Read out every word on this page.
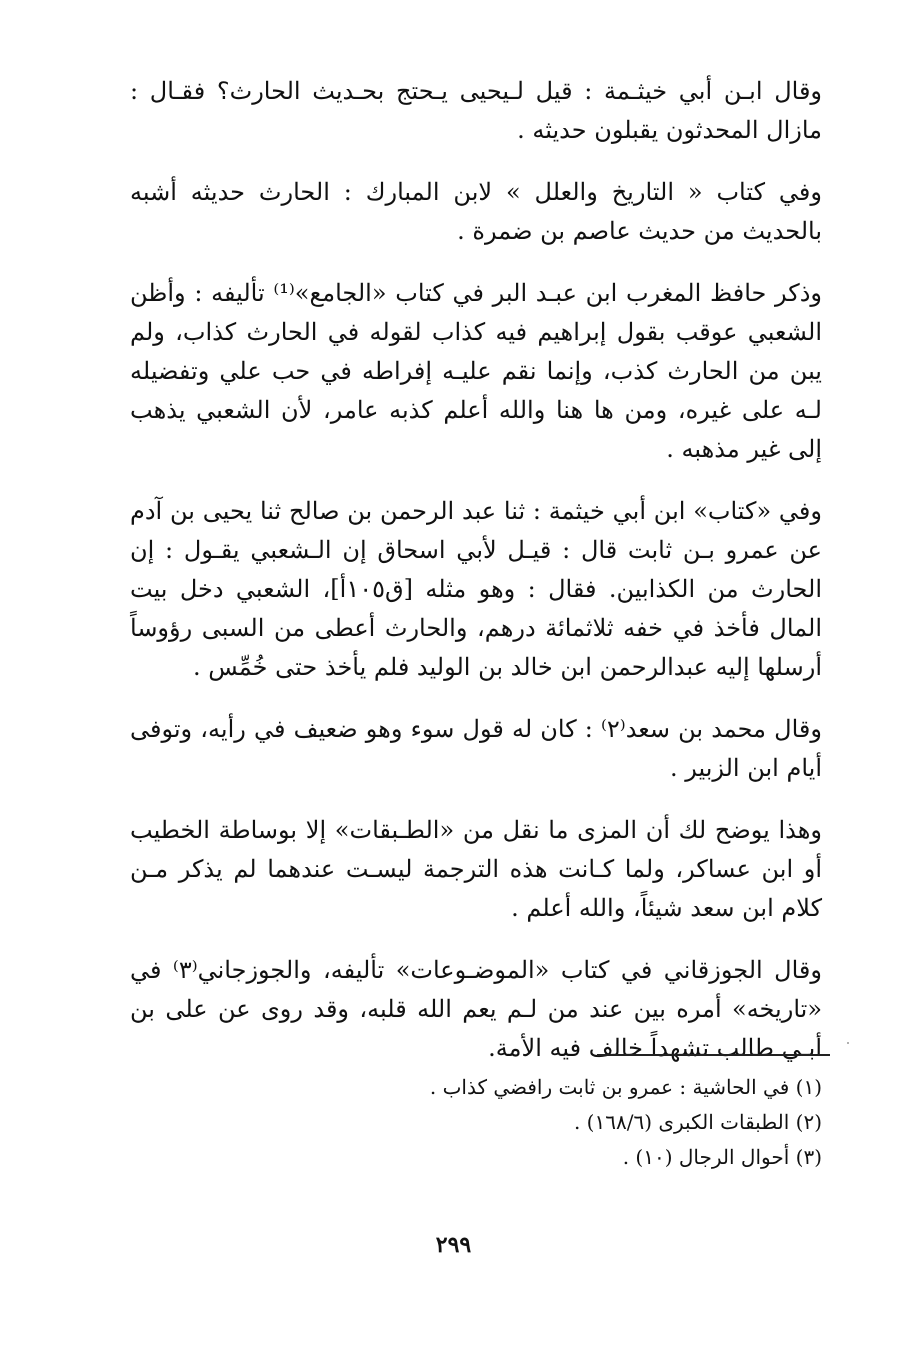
وقال ابـن أبي خيثـمة : قيل لـيحيى يـحتج بحـديث الحارث؟ فقـال : مازال المحدثون يقبلون حديثه .

وفي كتاب « التاريخ والعلل » لابن المبارك : الحارث حديثه أشبه بالحديث من حديث عاصم بن ضمرة .

وذكر حافظ المغرب ابن عبـد البر في كتاب «الجامع»⁽¹⁾ تأليفه : وأظن الشعبي عوقب بقول إبراهيم فيه كذاب لقوله في الحارث كذاب، ولم يبن من الحارث كذب، وإنما نقم عليـه إفراطه في حب علي وتفضيله لـه على غيره، ومن ها هنا والله أعلم كذبه عامر، لأن الشعبي يذهب إلى غير مذهبه .

وفي «كتاب» ابن أبي خيثمة : ثنا عبد الرحمن بن صالح ثنا يحيى بن آدم عن عمرو بـن ثابت قال : قيـل لأبي اسحاق إن الـشعبي يقـول : إن الحارث من الكذابين. فقال : وهو مثله [ق١٠٥أ]، الشعبي دخل بيت المال فأخذ في خفه ثلاثمائة درهم، والحارث أعطى من السبى رؤوساً أرسلها إليه عبدالرحمن ابن خالد بن الوليد فلم يأخذ حتى خُمِّس .

وقال محمد بن سعد⁽٢⁾ : كان له قول سوء وهو ضعيف في رأيه، وتوفى أيام ابن الزبير .

وهذا يوضح لك أن المزى ما نقل من «الطـبقات» إلا بوساطة الخطيب أو ابن عساكر، ولما كـانت هذه الترجمة ليسـت عندهما لم يذكر مـن كلام ابن سعد شيئاً، والله أعلم .

وقال الجوزقاني في كتاب «الموضـوعات» تأليفه، والجوزجاني⁽٣⁾ في «تاريخه» أمره بين عند من لـم يعم الله قلبه، وقد روى عن على بن أبـي طالب تشهداً خالف فيه الأمة.

(١) في الحاشية : عمرو بن ثابت رافضي كذاب .

(٢) الطبقات الكبرى (١٦٨/٦) .

(٣) أحوال الرجال (١٠) .

٢٩٩
